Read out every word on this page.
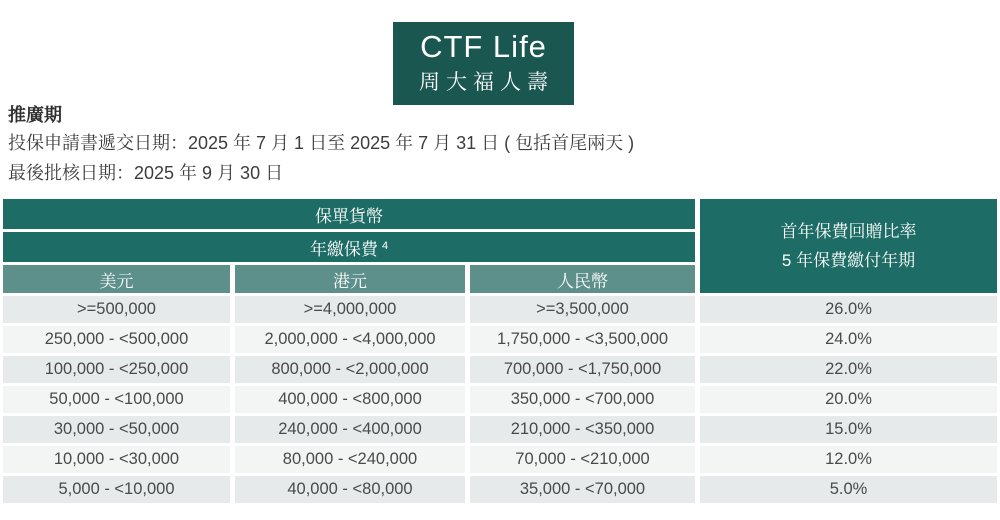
CTF Life
周大福人壽
推廣期
投保申請書遞交日期：2025 年 7 月 1 日至 2025 年 7 月 31 日 ( 包括首尾兩天 )
最後批核日期：2025 年 9 月 30 日
保單貨幣
首年保費回贈比率
5 年保費繳付年期
年繳保費 $^4$
美元	港元	人民幣
>=500,000	>=4,000,000	>=3,500,000	26.0%
250,000 - <500,000	2,000,000 - <4,000,000	1,750,000 - <3,500,000	24.0%
100,000 - <250,000	800,000 - <2,000,000	700,000 - <1,750,000	22.0%
50,000 - <100,000	400,000 - <800,000	350,000 - <700,000	20.0%
30,000 - <50,000	240,000 - <400,000	210,000 - <350,000	15.0%
10,000 - <30,000	80,000 - <240,000	70,000 - <210,000	12.0%
5,000 - <10,000	40,000 - <80,000	35,000 - <70,000	5.0%
